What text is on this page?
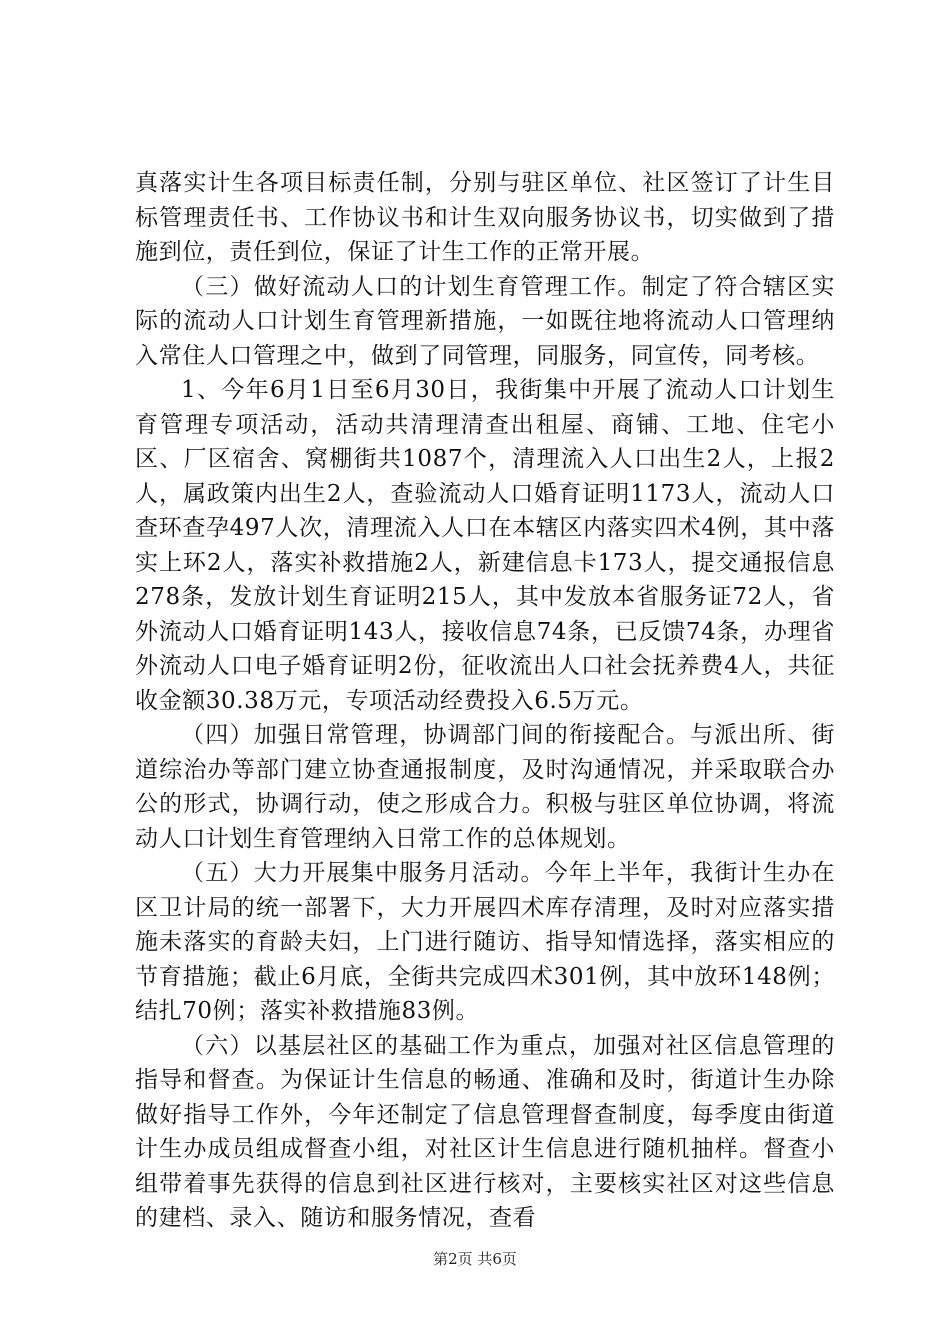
真落实计生各项目标责任制，分别与驻区单位、社区签订了计生目标管理责任书、工作协议书和计生双向服务协议书，切实做到了措施到位，责任到位，保证了计生工作的正常开展。

（三）做好流动人口的计划生育管理工作。制定了符合辖区实际的流动人口计划生育管理新措施，一如既往地将流动人口管理纳入常住人口管理之中，做到了同管理，同服务，同宣传，同考核。

1、今年6月1日至6月30日，我街集中开展了流动人口计划生育管理专项活动，活动共清理清查出租屋、商铺、工地、住宅小区、厂区宿舍、窝棚街共1087个，清理流入人口出生2人，上报2人，属政策内出生2人，查验流动人口婚育证明1173人，流动人口查环查孕497人次，清理流入人口在本辖区内落实四术4例，其中落实上环2人，落实补救措施2人，新建信息卡173人，提交通报信息278条，发放计划生育证明215人，其中发放本省服务证72人，省外流动人口婚育证明143人，接收信息74条，已反馈74条，办理省外流动人口电子婚育证明2份，征收流出人口社会抚养费4人，共征收金额30.38万元，专项活动经费投入6.5万元。

（四）加强日常管理，协调部门间的衔接配合。与派出所、街道综治办等部门建立协查通报制度，及时沟通情况，并采取联合办公的形式，协调行动，使之形成合力。积极与驻区单位协调，将流动人口计划生育管理纳入日常工作的总体规划。

（五）大力开展集中服务月活动。今年上半年，我街计生办在区卫计局的统一部署下，大力开展四术库存清理，及时对应落实措施未落实的育龄夫妇，上门进行随访、指导知情选择，落实相应的节育措施；截止6月底，全街共完成四术301例，其中放环148例；结扎70例；落实补救措施83例。

（六）以基层社区的基础工作为重点，加强对社区信息管理的指导和督查。为保证计生信息的畅通、准确和及时，街道计生办除做好指导工作外，今年还制定了信息管理督查制度，每季度由街道计生办成员组成督查小组，对社区计生信息进行随机抽样。督查小组带着事先获得的信息到社区进行核对，主要核实社区对这些信息的建档、录入、随访和服务情况，查看

第2页 共6页
